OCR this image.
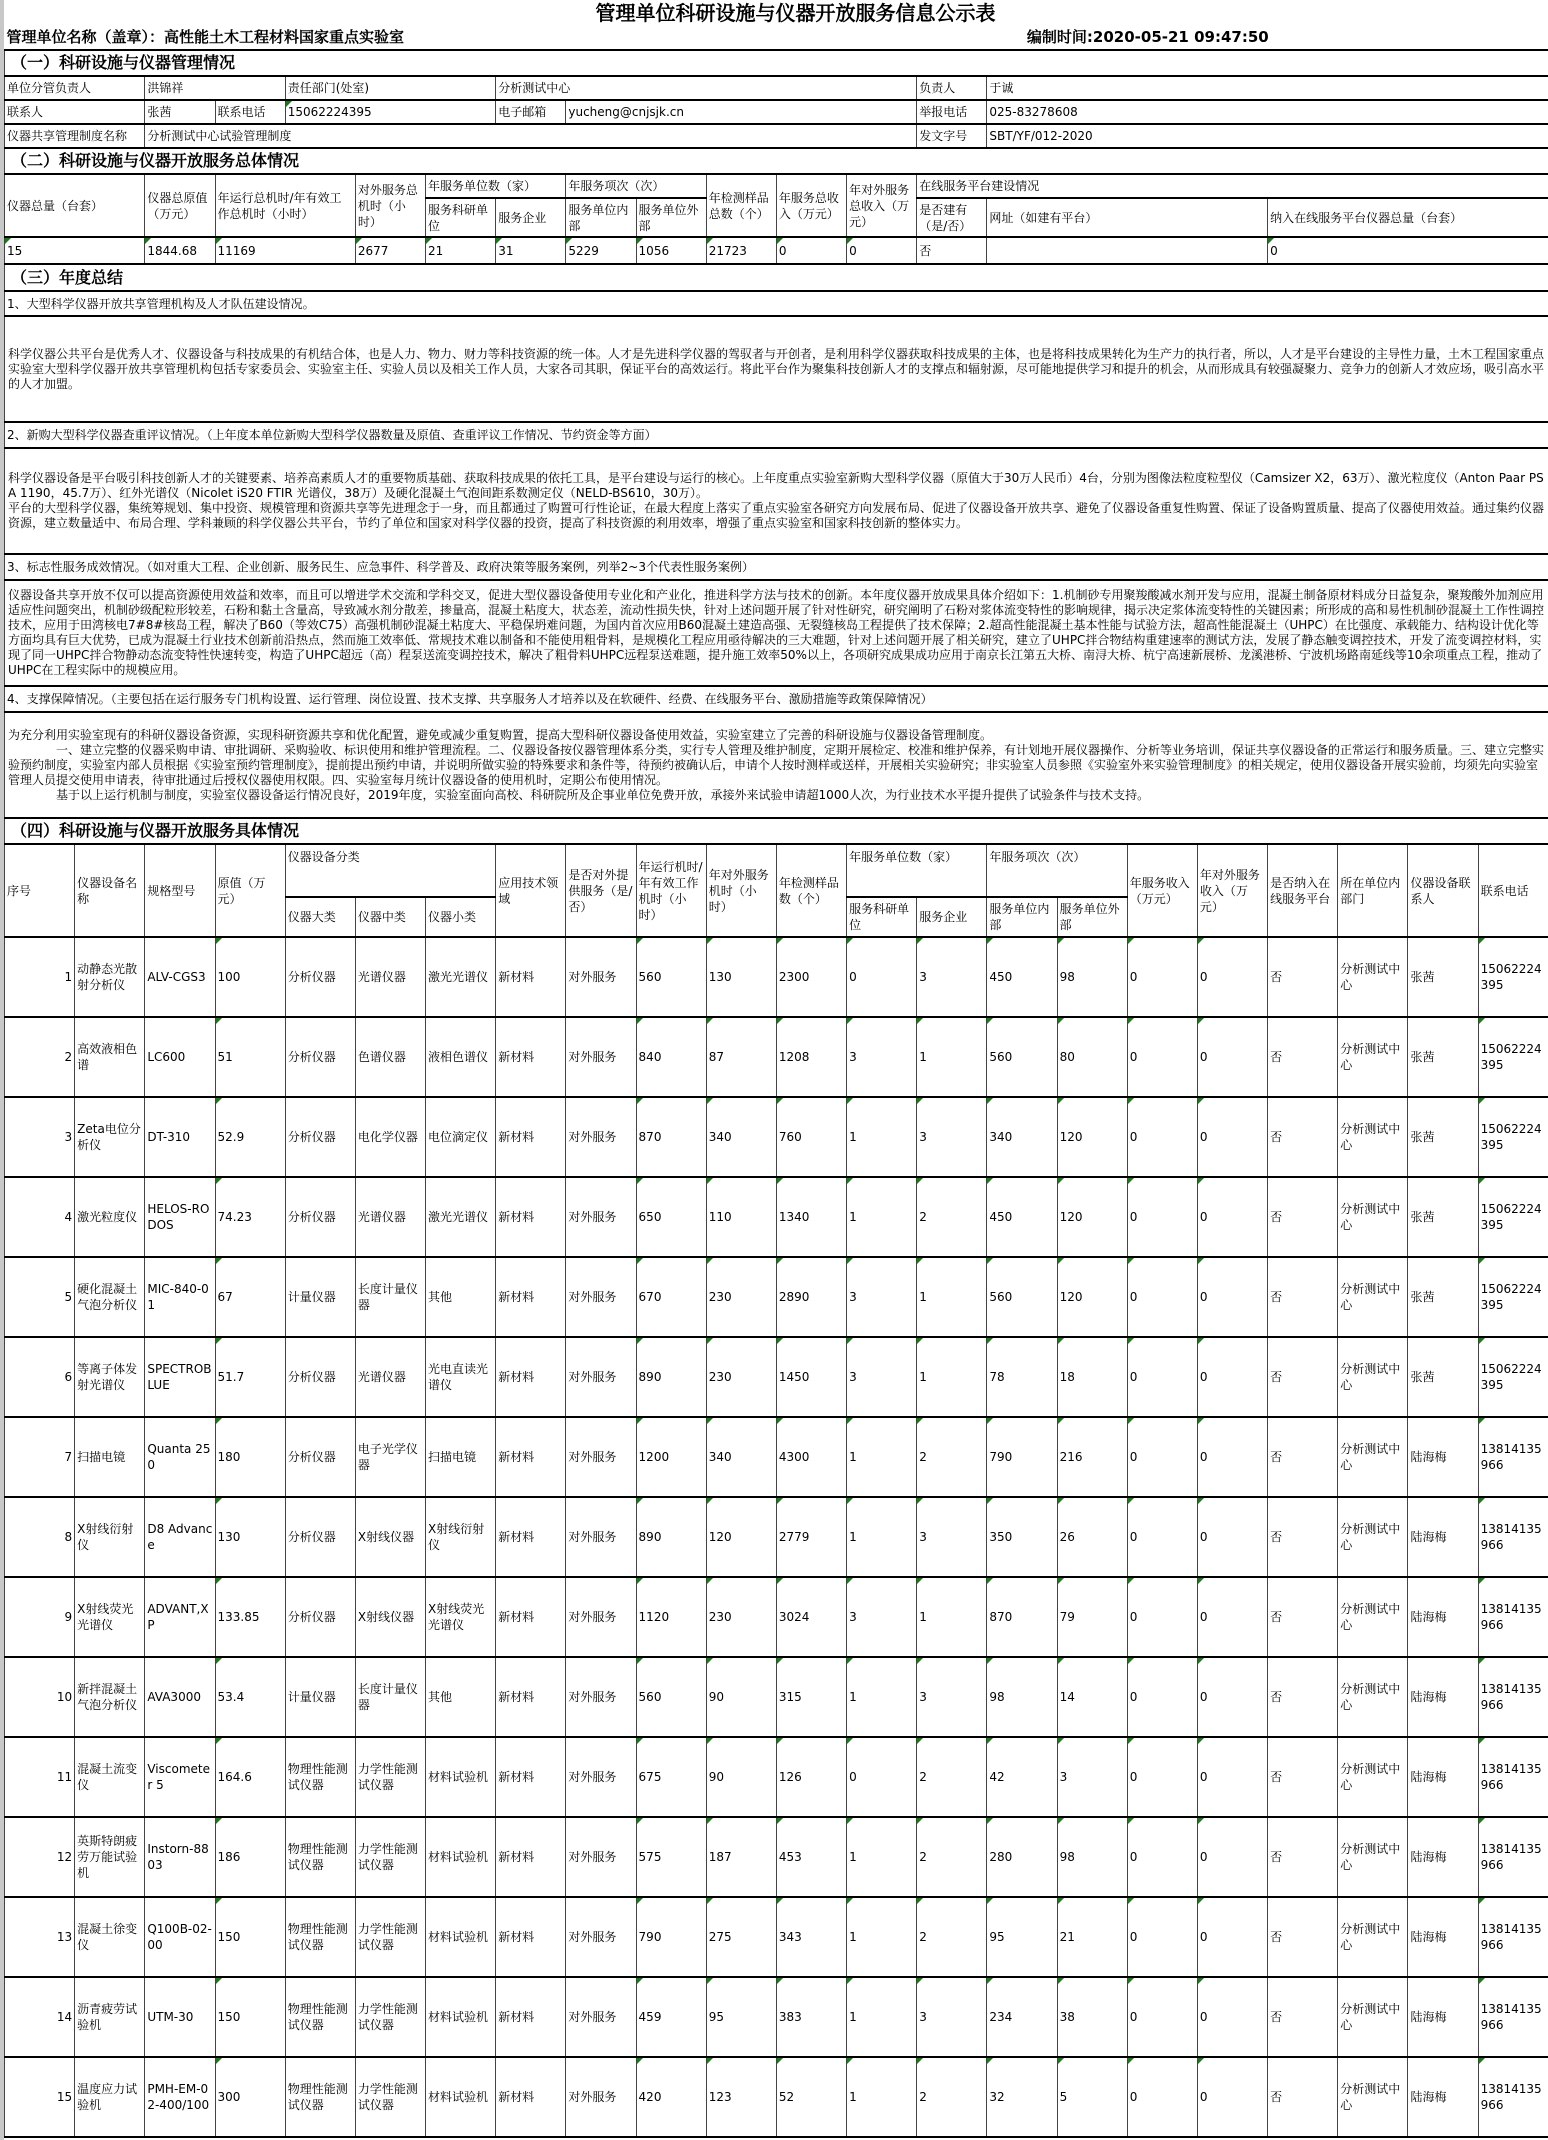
管理单位科研设施与仪器开放服务信息公示表																					
管理单位名称（盖章）：高性能土木工程材料国家重点实验室														编制时间:2020-05-21 09:47:50							
（一）科研设施与仪器管理情况																					
单位分管负责人		洪锦祥		责任部门(处室)			分析测试中心						负责人	于诚							
联系人		张茜	联系电话	15062224395			电子邮箱	yucheng@cnjsjk.cn					举报电话	025-83278608							
仪器共享管理制度名称		分析测试中心试验管理制度											发文字号	SBT/YF/012-2020							
（二）科研设施与仪器开放服务总体情况																					
仪器总量（台套）		仪器总原值（万元）	年运行总机时/年有效工作总机时（小时）		对外服务总机时（小时）	年服务单位数（家）		年服务项次（次）		年检测样品总数（个）	年服务总收入（万元）	年对外服务总收入（万元）	在线服务平台建设情况								
						服务科研单位	服务企业	服务单位内部	服务单位外部				是否建有（是/否）	网址（如建有平台）				纳入在线服务平台仪器总量（台套）			
15		1844.68	11169		2677	21	31	5229	1056	21723	0	0	否					0			
（三）年度总结																					
1、大型科学仪器开放共享管理机构及人才队伍建设情况。																					
科学仪器公共平台是优秀人才、仪器设备与科技成果的有机结合体，也是人力、物力、财力等科技资源的统一体。人才是先进科学仪器的驾驭者与开创者，是利用科学仪器获取科技成果的主体，也是将科技成果转化为生产力的执行者，所以，人才是平台建设的主导性力量，土木工程国家重点实验室大型科学仪器开放共享管理机构包括专家委员会、实验室主任、实验人员以及相关工作人员，大家各司其职，保证平台的高效运行。将此平台作为聚集科技创新人才的支撑点和辐射源，尽可能地提供学习和提升的机会，从而形成具有较强凝聚力、竞争力的创新人才效应场，吸引高水平的人才加盟。																					
2、新购大型科学仪器查重评议情况。（上年度本单位新购大型科学仪器数量及原值、查重评议工作情况、节约资金等方面）																					

科学仪器设备是平台吸引科技创新人才的关键要素、培养高素质人才的重要物质基础、获取科技成果的依托工具，是平台建设与运行的核心。上年度重点实验室新购大型科学仪器（原值大于30万人民币）4台，分别为图像法粒度粒型仪（Camsizer X2，63万）、激光粒度仪（Anton Paar PSA 1190，45.7万）、红外光谱仪（Nicolet iS20 FTIR 光谱仪，38万）及硬化混凝土气泡间距系数测定仪（NELD-BS610，30万）。
平台的大型科学仪器，集统筹规划、集中投资、规模管理和资源共享等先进理念于一身，而且都通过了购置可行性论证，在最大程度上落实了重点实验室各研究方向发展布局、促进了仪器设备开放共享、避免了仪器设备重复性购置、保证了设备购置质量、提高了仪器使用效益。通过集约仪器资源，建立数量适中、布局合理、学科兼顾的科学仪器公共平台，节约了单位和国家对科学仪器的投资，提高了科技资源的利用效率，增强了重点实验室和国家科技创新的整体实力。																					

3、标志性服务成效情况。（如对重大工程、企业创新、服务民生、应急事件、科学普及、政府决策等服务案例，列举2~3个代表性服务案例）																					
仪器设备共享开放不仅可以提高资源使用效益和效率，而且可以增进学术交流和学科交叉，促进大型仪器设备使用专业化和产业化，推进科学方法与技术的创新。本年度仪器开放成果具体介绍如下：1.机制砂专用聚羧酸减水剂开发与应用，混凝土制备原材料成分日益复杂，聚羧酸外加剂应用适应性问题突出，机制砂级配粒形较差，石粉和黏土含量高，导致减水剂分散差，掺量高，混凝土粘度大，状态差，流动性损失快，针对上述问题开展了针对性研究，研究阐明了石粉对浆体流变特性的影响规律，揭示决定浆体流变特性的关键因素；所形成的高和易性机制砂混凝土工作性调控技术，应用于田湾核电7#8#核岛工程，解决了B60（等效C75）高强机制砂混凝土粘度大、平稳保坍难问题，为国内首次应用B60混凝土建造高强、无裂缝核岛工程提供了技术保障；2.超高性能混凝土基本性能与试验方法，超高性能混凝土（UHPC）在比强度、承载能力、结构设计优化等方面均具有巨大优势，已成为混凝土行业技术创新前沿热点，然而施工效率低、常规技术难以制备和不能使用粗骨料，是规模化工程应用亟待解决的三大难题，针对上述问题开展了相关研究，建立了UHPC拌合物结构重建速率的测试方法，发展了静态触变调控技术，开发了流变调控材料，实现了同一UHPC拌合物静动态流变特性快速转变，构造了UHPC超远（高）程泵送流变调控技术，解决了粗骨料UHPC远程泵送难题，提升施工效率50%以上，各项研究成果成功应用于南京长江第五大桥、南浔大桥、杭宁高速新展桥、龙溪港桥、宁波机场路南延线等10余项重点工程，推动了UHPC在工程实际中的规模应用。																					
4、支撑保障情况。（主要包括在运行服务专门机构设置、运行管理、岗位设置、技术支撑、共享服务人才培养以及在软硬件、经费、在线服务平台、激励措施等政策保障情况）																					

为充分利用实验室现有的科研仪器设备资源，实现科研资源共享和优化配置，避免或减少重复购置，提高大型科研仪器设备使用效益，实验室建立了完善的科研设施与仪器设备管理制度。
　　　　一、建立完整的仪器采购申请、审批调研、采购验收、标识使用和维护管理流程。二、仪器设备按仪器管理体系分类，实行专人管理及维护制度，定期开展检定、校准和维护保养，有计划地开展仪器操作、分析等业务培训，保证共享仪器设备的正常运行和服务质量。三、建立完整实验预约制度，实验室内部人员根据《实验室预约管理制度》，提前提出预约申请，并说明所做实验的特殊要求和条件等，待预约被确认后，申请个人按时测样或送样，开展相关实验研究；非实验室人员参照《实验室外来实验管理制度》的相关规定，使用仪器设备开展实验前，均须先向实验室管理人员提交使用申请表，待审批通过后授权仪器使用权限。四、实验室每月统计仪器设备的使用机时，定期公布使用情况。
　　　　基于以上运行机制与制度，实验室仪器设备运行情况良好，2019年度，实验室面向高校、科研院所及企事业单位免费开放，承接外来试验申请超1000人次，为行业技术水平提升提供了试验条件与技术支持。																					

（四）科研设施与仪器开放服务具体情况																					
序号	仪器设备名称	规格型号	原值（万元）	仪器设备分类			应用技术领域	是否对外提供服务（是/否）	年运行机时/年有效工作机时（小时）	年对外服务机时（小时）	年检测样品数（个）	年服务单位数（家）		年服务项次（次）		年服务收入（万元）	年对外服务收入（万元）	是否纳入在线服务平台	所在单位内部门	仪器设备联系人	联系电话
				仪器大类	仪器中类	仪器小类						服务科研单位	服务企业	服务单位内部	服务单位外部						
1	动静态光散射分析仪	ALV-CGS3	100	分析仪器	光谱仪器	激光光谱仪	新材料	对外服务	560	130	2300	0	3	450	98	0	0	否	分析测试中心	张茜	15062224395
2	高效液相色谱	LC600	51	分析仪器	色谱仪器	液相色谱仪	新材料	对外服务	840	87	1208	3	1	560	80	0	0	否	分析测试中心	张茜	15062224395
3	Zeta电位分析仪	DT-310	52.9	分析仪器	电化学仪器	电位滴定仪	新材料	对外服务	870	340	760	1	3	340	120	0	0	否	分析测试中心	张茜	15062224395
4	激光粒度仪	HELOS-RODOS	74.23	分析仪器	光谱仪器	激光光谱仪	新材料	对外服务	650	110	1340	1	2	450	120	0	0	否	分析测试中心	张茜	15062224395
5	硬化混凝土气泡分析仪	MIC-840-01	67	计量仪器	长度计量仪器	其他	新材料	对外服务	670	230	2890	3	1	560	120	0	0	否	分析测试中心	张茜	15062224395
6	等离子体发射光谱仪	SPECTROBLUE	51.7	分析仪器	光谱仪器	光电直读光谱仪	新材料	对外服务	890	230	1450	3	1	78	18	0	0	否	分析测试中心	张茜	15062224395
7	扫描电镜	Quanta 250	180	分析仪器	电子光学仪器	扫描电镜	新材料	对外服务	1200	340	4300	1	2	790	216	0	0	否	分析测试中心	陆海梅	13814135966
8	X射线衍射仪	D8 Advance	130	分析仪器	X射线仪器	X射线衍射仪	新材料	对外服务	890	120	2779	1	3	350	26	0	0	否	分析测试中心	陆海梅	13814135966
9	X射线荧光光谱仪	ADVANT,XP	133.85	分析仪器	X射线仪器	X射线荧光光谱仪	新材料	对外服务	1120	230	3024	3	1	870	79	0	0	否	分析测试中心	陆海梅	13814135966
10	新拌混凝土气泡分析仪	AVA3000	53.4	计量仪器	长度计量仪器	其他	新材料	对外服务	560	90	315	1	3	98	14	0	0	否	分析测试中心	陆海梅	13814135966
11	混凝土流变仪	Viscometer 5	164.6	物理性能测试仪器	力学性能测试仪器	材料试验机	新材料	对外服务	675	90	126	0	2	42	3	0	0	否	分析测试中心	陆海梅	13814135966
12	英斯特朗疲劳万能试验机	Instorn-8803	186	物理性能测试仪器	力学性能测试仪器	材料试验机	新材料	对外服务	575	187	453	1	2	280	98	0	0	否	分析测试中心	陆海梅	13814135966
13	混凝土徐变仪	Q100B-02-00	150	物理性能测试仪器	力学性能测试仪器	材料试验机	新材料	对外服务	790	275	343	1	2	95	21	0	0	否	分析测试中心	陆海梅	13814135966
14	沥青疲劳试验机	UTM-30	150	物理性能测试仪器	力学性能测试仪器	材料试验机	新材料	对外服务	459	95	383	1	3	234	38	0	0	否	分析测试中心	陆海梅	13814135966
15	温度应力试验机	PMH-EM-02-400/100	300	物理性能测试仪器	力学性能测试仪器	材料试验机	新材料	对外服务	420	123	52	1	2	32	5	0	0	否	分析测试中心	陆海梅	13814135966
